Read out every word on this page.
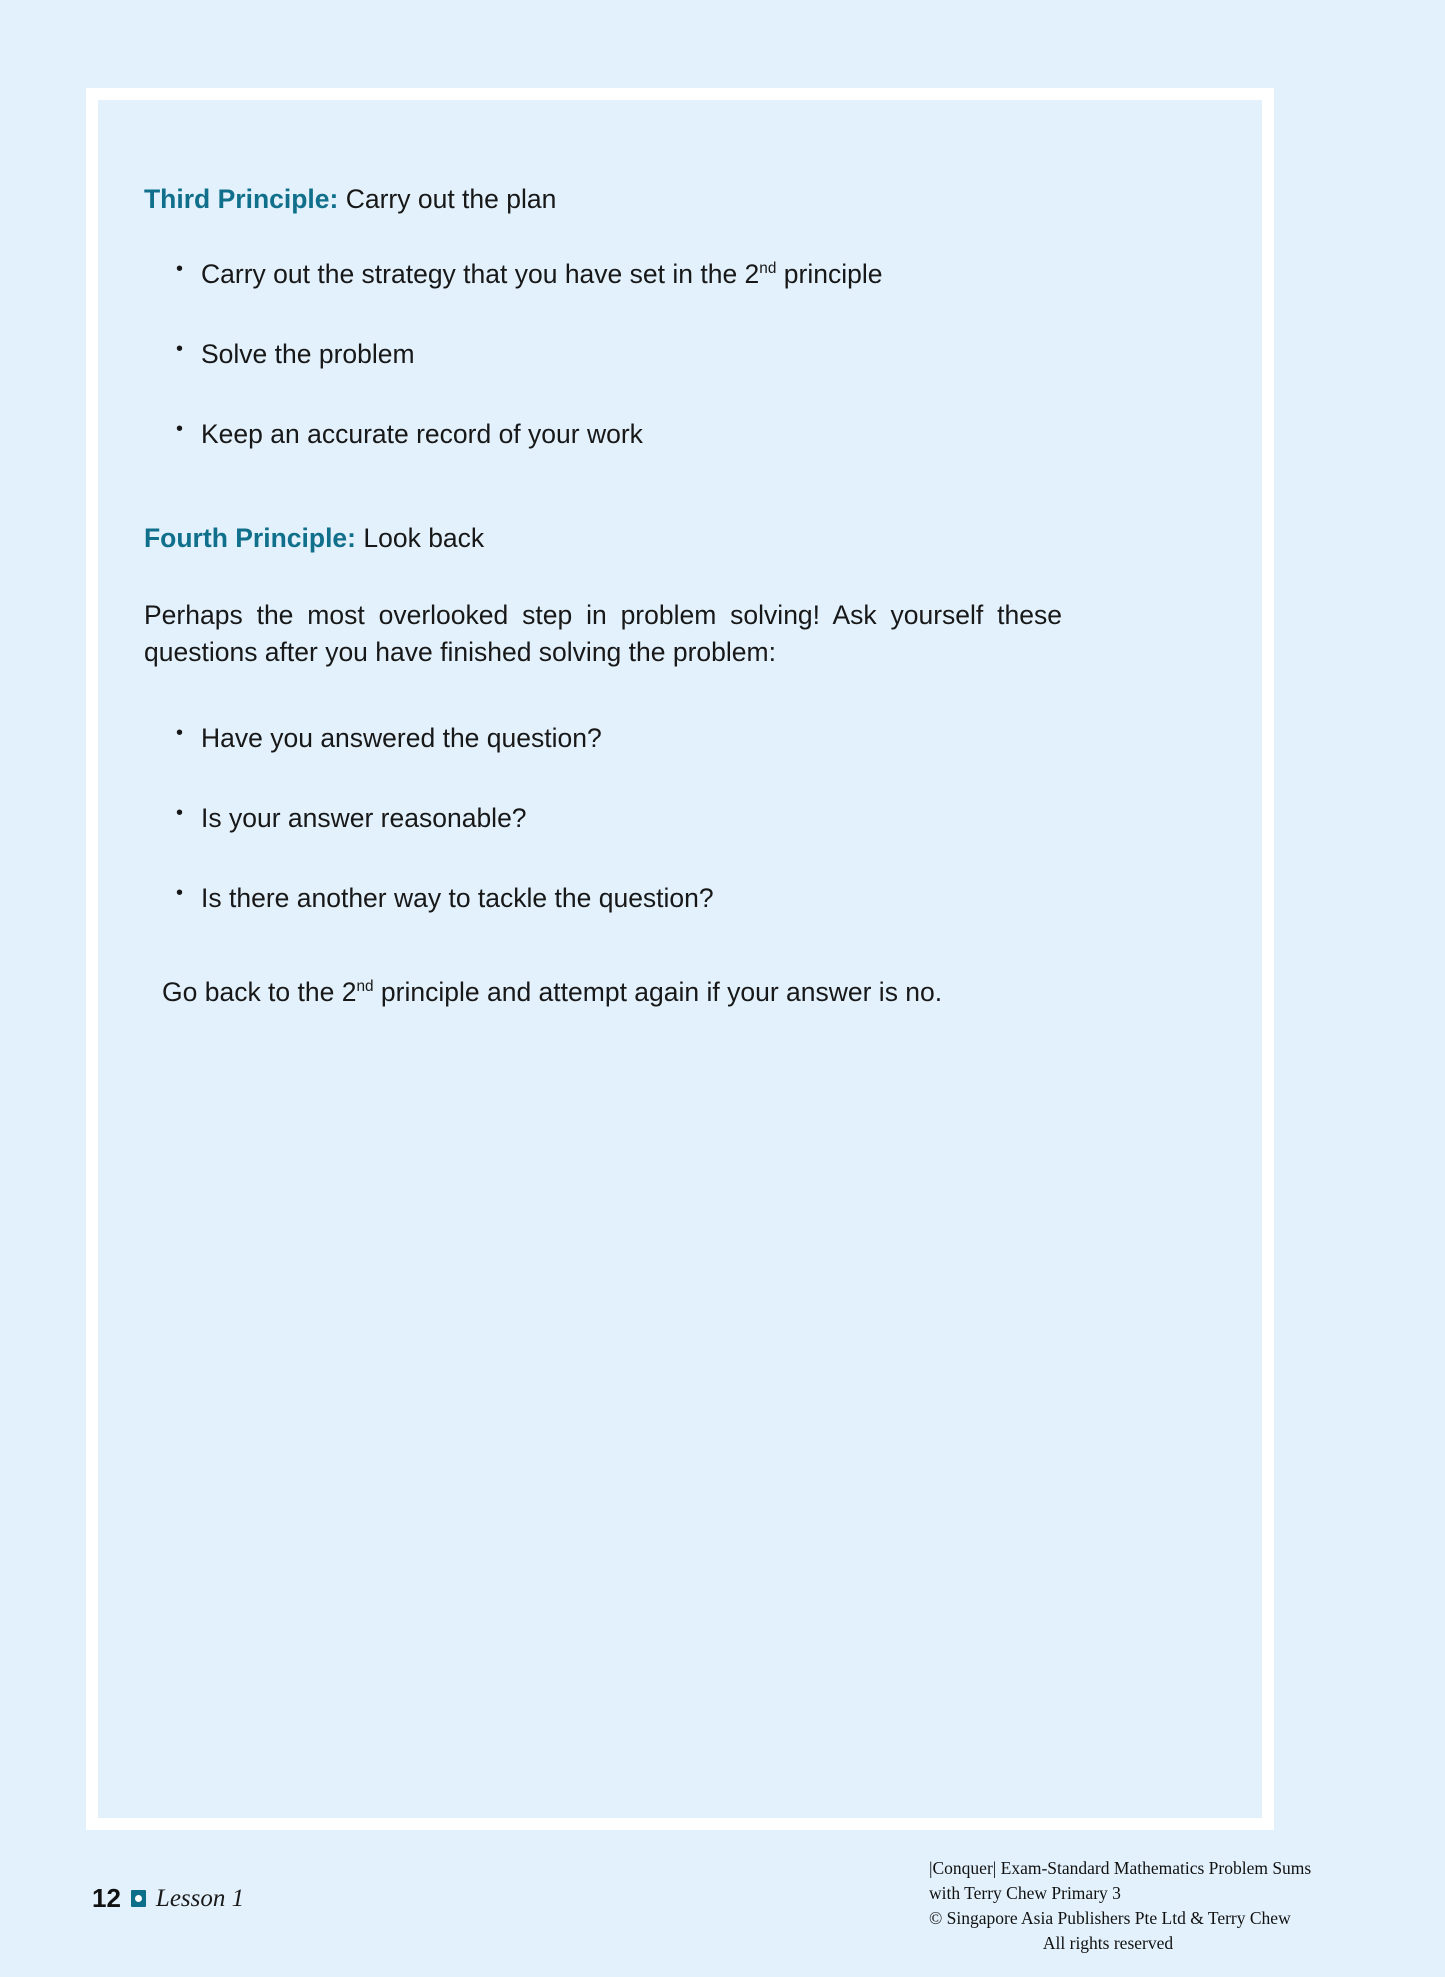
Third Principle: Carry out the plan
• Carry out the strategy that you have set in the 2nd principle
• Solve the problem
• Keep an accurate record of your work
Fourth Principle: Look back

Perhaps the most overlooked step in problem solving! Ask yourself these questions after you have finished solving the problem:

• Have you answered the question?
• Is your answer reasonable?
• Is there another way to tackle the question?

Go back to the 2nd principle and attempt again if your answer is no.

12 Lesson 1
|Conquer| Exam-Standard Mathematics Problem Sums
with Terry Chew Primary 3
© Singapore Asia Publishers Pte Ltd & Terry Chew
All rights reserved
